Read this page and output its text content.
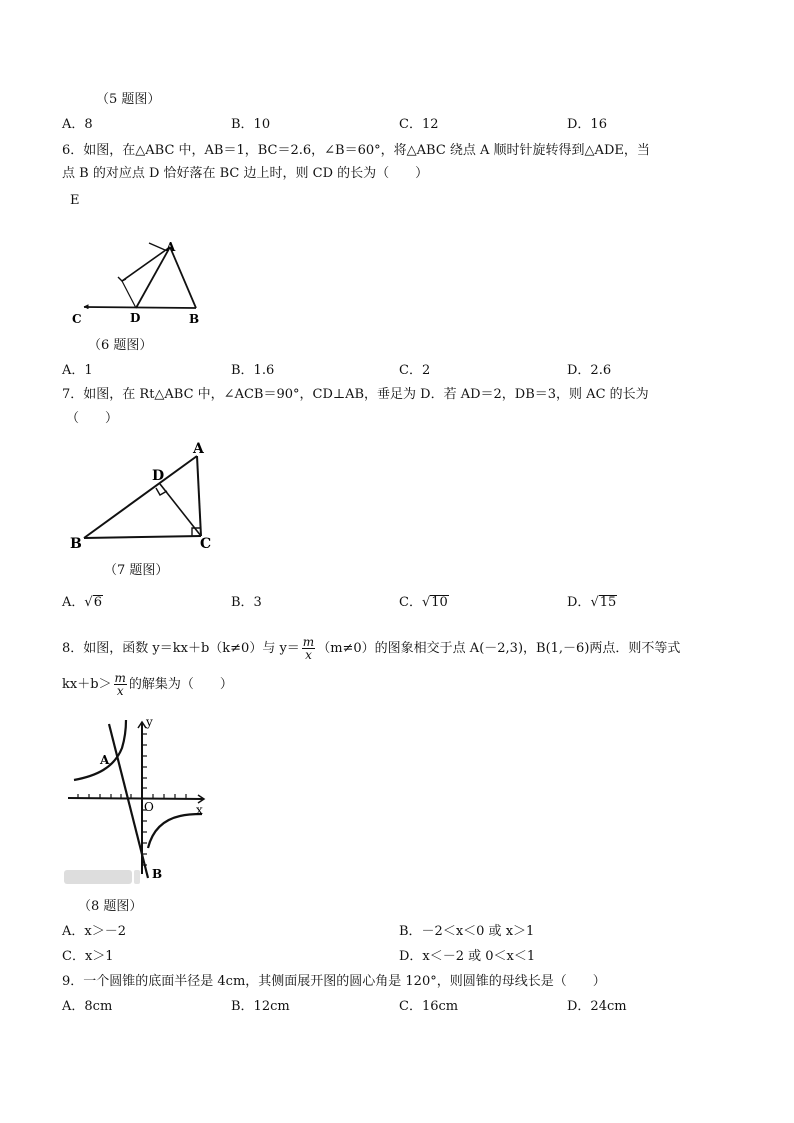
（5 题图）
A．8	B．10	C．12	D．16
6．如图，在△ABC 中，AB＝1，BC＝2.6，∠B＝60°，将△ABC 绕点 A 顺时针旋转得到△ADE，当
点 B 的对应点 D 恰好落在 BC 边上时，则 CD 的长为（　　）
E
A
C	D	B
（6 题图）
A．1	B．1.6	C．2	D．2.6
7．如图，在 Rt△ABC 中，∠ACB＝90°，CD⊥AB，垂足为 D．若 AD＝2，DB＝3，则 AC 的长为
（　　）
A
B	C
D
（7 题图）
A．√6	B．3	C．√10	D．√15
8．如图，函数 y＝kx＋b（k≠0）与 $y= \frac{m}{x} (m\ne 0)$的图象相交于点 A(－2,3)，B(1,－6)两点．则不等式
$kx+b> \frac{m}{x}$ 的解集为（　　）
y
x
O
A
B
（8 题图）
A．x＞－2	B．－2＜x＜0 或 x＞1
C．x＞1	D．x＜－2 或 0＜x＜1
9．一个圆锥的底面半径是 4cm，其侧面展开图的圆心角是 120°，则圆锥的母线长是（　　）
A．8cm	B．12cm	C．16cm	D．24cm
